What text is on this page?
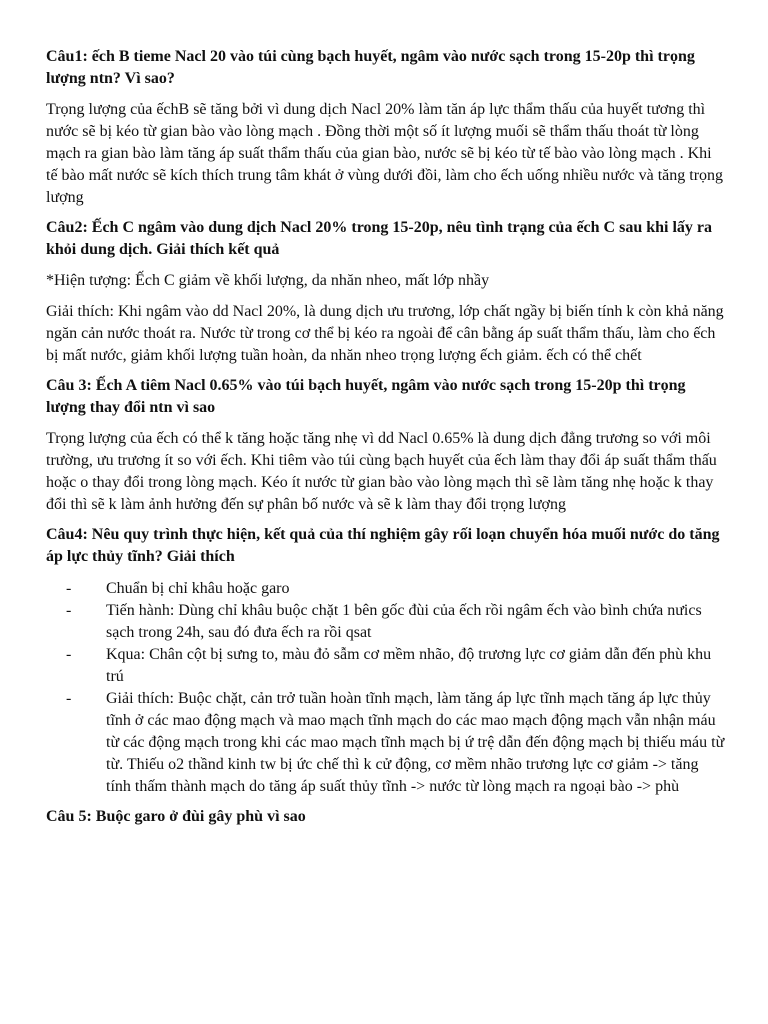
Câu1: ếch B tieme Nacl 20 vào túi cùng bạch huyết, ngâm vào nước sạch trong 15-20p thì trọng lượng ntn? Vì sao?

Trọng lượng của ếchB sẽ tăng bởi vì dung dịch Nacl 20% làm tăn áp lực thẩm thấu của huyết tương thì nước sẽ bị kéo từ gian bào vào lòng mạch . Đồng thời một số ít lượng muối sẽ thẩm thấu thoát từ lòng mạch ra gian bào làm tăng áp suất thẩm thấu của gian bào, nước sẽ bị kéo từ tế bào vào lòng mạch . Khi tế bào mất nước sẽ kích thích trung tâm khát ở vùng dưới đồi, làm cho ếch uống nhiều nước và tăng trọng lượng

Câu2: Ếch C ngâm vào dung dịch Nacl 20% trong 15-20p, nêu tình trạng của ếch C sau khi lấy ra khỏi dung dịch. Giải thích kết quả

*Hiện tượng: Ếch C giảm về khối lượng, da nhăn nheo, mất lớp nhầy

Giải thích: Khi ngâm vào dd Nacl 20%, là dung dịch ưu trương, lớp chất ngầy bị biến tính k còn khả năng ngăn cản nước thoát ra. Nước từ trong cơ thể bị kéo ra ngoài để cân bằng áp suất thẩm thấu, làm cho ếch bị mất nước, giảm khối lượng tuần hoàn, da nhăn nheo trọng lượng ếch giảm. ếch có thể chết

Câu 3: Ếch A tiêm Nacl 0.65% vào túi bạch huyết, ngâm vào nước sạch trong 15-20p thì trọng lượng thay đổi ntn vì sao

Trọng lượng của ếch có thể k tăng hoặc tăng nhẹ vì dd Nacl 0.65% là dung dịch đẳng trương so với môi trường, ưu trương ít so với ếch. Khi tiêm vào túi cùng bạch huyết của ếch làm thay đổi áp suất thẩm thấu hoặc o thay đổi trong lòng mạch. Kéo ít nước từ gian bào vào lòng mạch thì sẽ làm tăng nhẹ hoặc k thay đổi thì sẽ k làm ảnh hưởng đến sự phân bố nước và sẽ k làm thay đổi trọng lượng

Câu4: Nêu quy trình thực hiện, kết quả của thí nghiệm gây rối loạn chuyển hóa muối nước do tăng áp lực thủy tĩnh? Giải thích

- Chuẩn bị chỉ khâu hoặc garo
- Tiến hành: Dùng chỉ khâu buộc chặt 1 bên gốc đùi của ếch rồi ngâm ếch vào bình chứa nưics sạch trong 24h, sau đó đưa ếch ra rồi qsat
- Kqua: Chân cột bị sưng to, màu đỏ sẫm cơ mềm nhão, độ trương lực cơ giảm dẫn đến phù khu trú
- Giải thích: Buộc chặt, cản trở tuần hoàn tĩnh mạch, làm tăng áp lực tĩnh mạch tăng áp lực thủy tĩnh ở các mao động mạch và mao mạch tĩnh mạch do các mao mạch động mạch vẫn nhận máu từ các động mạch trong khi các mao mạch tĩnh mạch bị ứ trệ dẫn đến động mạch bị thiếu máu từ từ. Thiếu o2 thầnd kinh tw bị ức chế thì k cử động, cơ mềm nhão trương lực cơ giảm -> tăng tính thấm thành mạch do tăng áp suất thủy tĩnh -> nước từ lòng mạch ra ngoại bào -> phù

Câu 5: Buộc garo ở đùi gây phù vì sao
